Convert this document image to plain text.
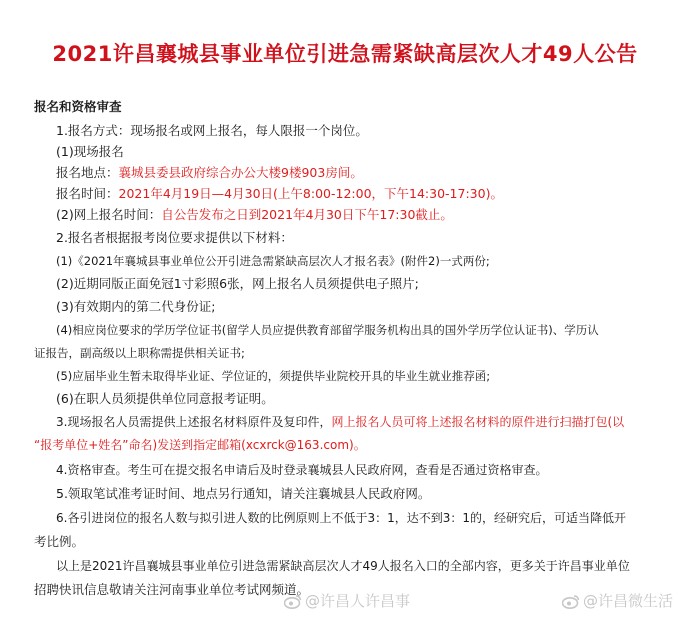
2021许昌襄城县事业单位引进急需紧缺高层次人才49人公告
报名和资格审查
1.报名方式：现场报名或网上报名，每人限报一个岗位。
(1)现场报名
报名地点：襄城县委县政府综合办公大楼9楼903房间。
报名时间：2021年4月19日—4月30日(上午8:00-12:00，下午14:30-17:30)。
(2)网上报名时间：自公告发布之日到2021年4月30日下午17:30截止。
2.报名者根据报考岗位要求提供以下材料：
(1)《2021年襄城县事业单位公开引进急需紧缺高层次人才报名表》(附件2)一式两份;
(2)近期同版正面免冠1寸彩照6张，网上报名人员须提供电子照片;
(3)有效期内的第二代身份证;
(4)相应岗位要求的学历学位证书(留学人员应提供教育部留学服务机构出具的国外学历学位认证书)、学历认
证报告，副高级以上职称需提供相关证书;
(5)应届毕业生暂未取得毕业证、学位证的，须提供毕业院校开具的毕业生就业推荐函;
(6)在职人员须提供单位同意报考证明。
3.现场报名人员需提供上述报名材料原件及复印件，网上报名人员可将上述报名材料的原件进行扫描打包(以
“报考单位+姓名”命名)发送到指定邮箱(xcxrck@163.com)。
4.资格审查。考生可在提交报名申请后及时登录襄城县人民政府网，查看是否通过资格审查。
5.领取笔试准考证时间、地点另行通知，请关注襄城县人民政府网。
6.各引进岗位的报名人数与拟引进人数的比例原则上不低于3：1，达不到3：1的，经研究后，可适当降低开
考比例。
以上是2021许昌襄城县事业单位引进急需紧缺高层次人才49人报名入口的全部内容，更多关于许昌事业单位
招聘快讯信息敬请关注河南事业单位考试网频道。
@许昌人许昌事	@许昌微生活
